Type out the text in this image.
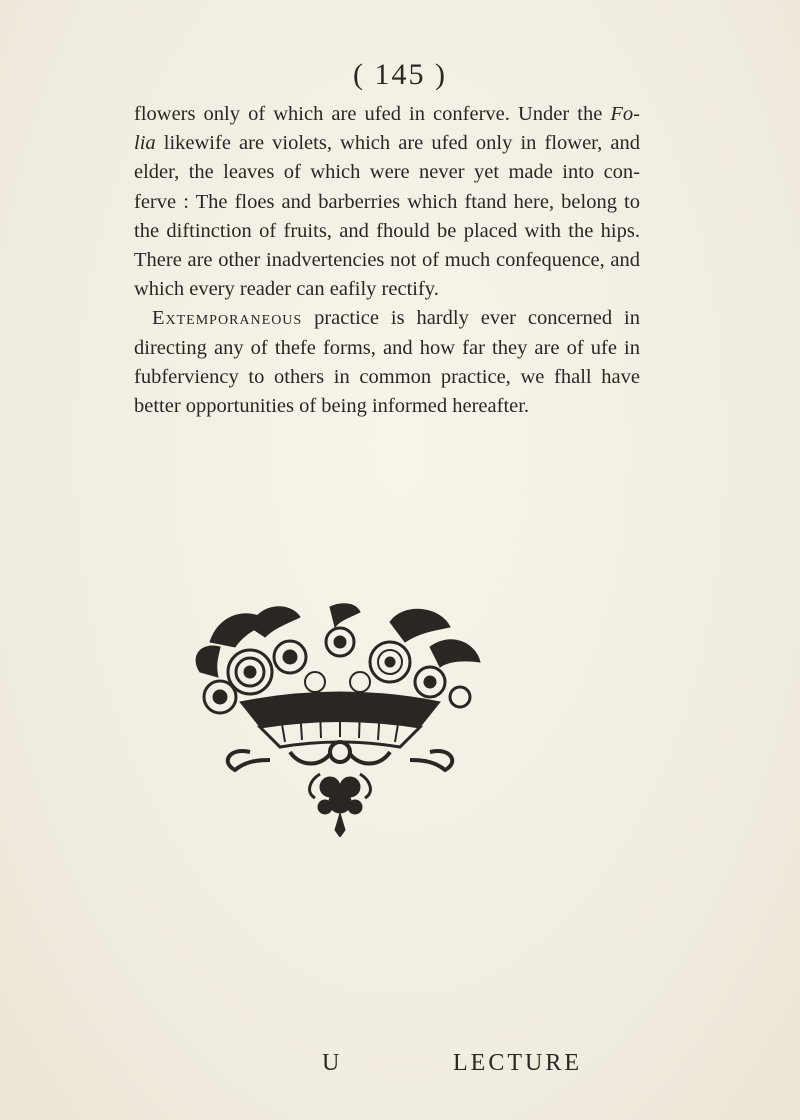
( 145 )
flowers only of which are ufed in conferve. Under the Fo-
lia likewife are violets, which are ufed only in flower, and
elder, the leaves of which were never yet made into con-
ferve : The floes and barberries which ftand here, belong to
the diftinction of fruits, and fhould be placed with the hips.
There are other inadvertencies not of much confequence, and
which every reader can eafily rectify.
Extemporaneous practice is hardly ever concerned in
directing any of thefe forms, and how far they are of ufe in
fubferviency to others in common practice, we fhall have
better opportunities of being informed hereafter.
U	LECTURE
